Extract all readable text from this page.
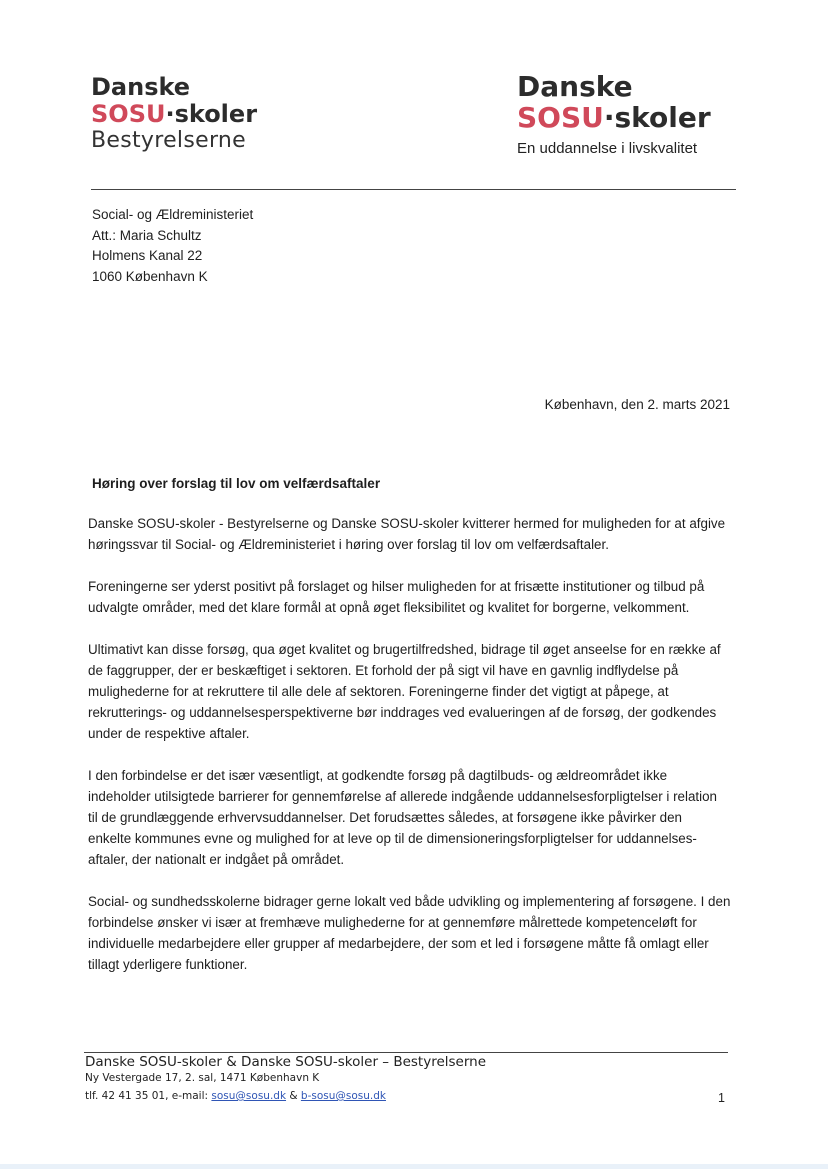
Danske
SOSU·skoler
Bestyrelserne
Danske
SOSU·skoler
En uddannelse i livskvalitet
Social- og Ældreministeriet
Att.: Maria Schultz
Holmens Kanal 22
1060 København K
København, den 2. marts 2021
Høring over forslag til lov om velfærdsaftaler

Danske SOSU-skoler - Bestyrelserne og Danske SOSU-skoler kvitterer hermed for muligheden for at afgive
høringssvar til Social- og Ældreministeriet i høring over forslag til lov om velfærdsaftaler.

Foreningerne ser yderst positivt på forslaget og hilser muligheden for at frisætte institutioner og tilbud på
udvalgte områder, med det klare formål at opnå øget fleksibilitet og kvalitet for borgerne, velkomment.

Ultimativt kan disse forsøg, qua øget kvalitet og brugertilfredshed, bidrage til øget anseelse for en række af
de faggrupper, der er beskæftiget i sektoren. Et forhold der på sigt vil have en gavnlig indflydelse på
mulighederne for at rekruttere til alle dele af sektoren. Foreningerne finder det vigtigt at påpege, at
rekrutterings- og uddannelsesperspektiverne bør inddrages ved evalueringen af de forsøg, der godkendes
under de respektive aftaler.

I den forbindelse er det især væsentligt, at godkendte forsøg på dagtilbuds- og ældreområdet ikke
indeholder utilsigtede barrierer for gennemførelse af allerede indgående uddannelsesforpligtelser i relation
til de grundlæggende erhvervsuddannelser. Det forudsættes således, at forsøgene ikke påvirker den
enkelte kommunes evne og mulighed for at leve op til de dimensioneringsforpligtelser for uddannelses-
aftaler, der nationalt er indgået på området.

Social- og sundhedsskolerne bidrager gerne lokalt ved både udvikling og implementering af forsøgene. I den
forbindelse ønsker vi især at fremhæve mulighederne for at gennemføre målrettede kompetenceløft for
individuelle medarbejdere eller grupper af medarbejdere, der som et led i forsøgene måtte få omlagt eller
tillagt yderligere funktioner.

Danske SOSU-skoler & Danske SOSU-skoler – Bestyrelserne
Ny Vestergade 17, 2. sal, 1471 København K
tlf. 42 41 35 01, e-mail: sosu@sosu.dk & b-sosu@sosu.dk	1
